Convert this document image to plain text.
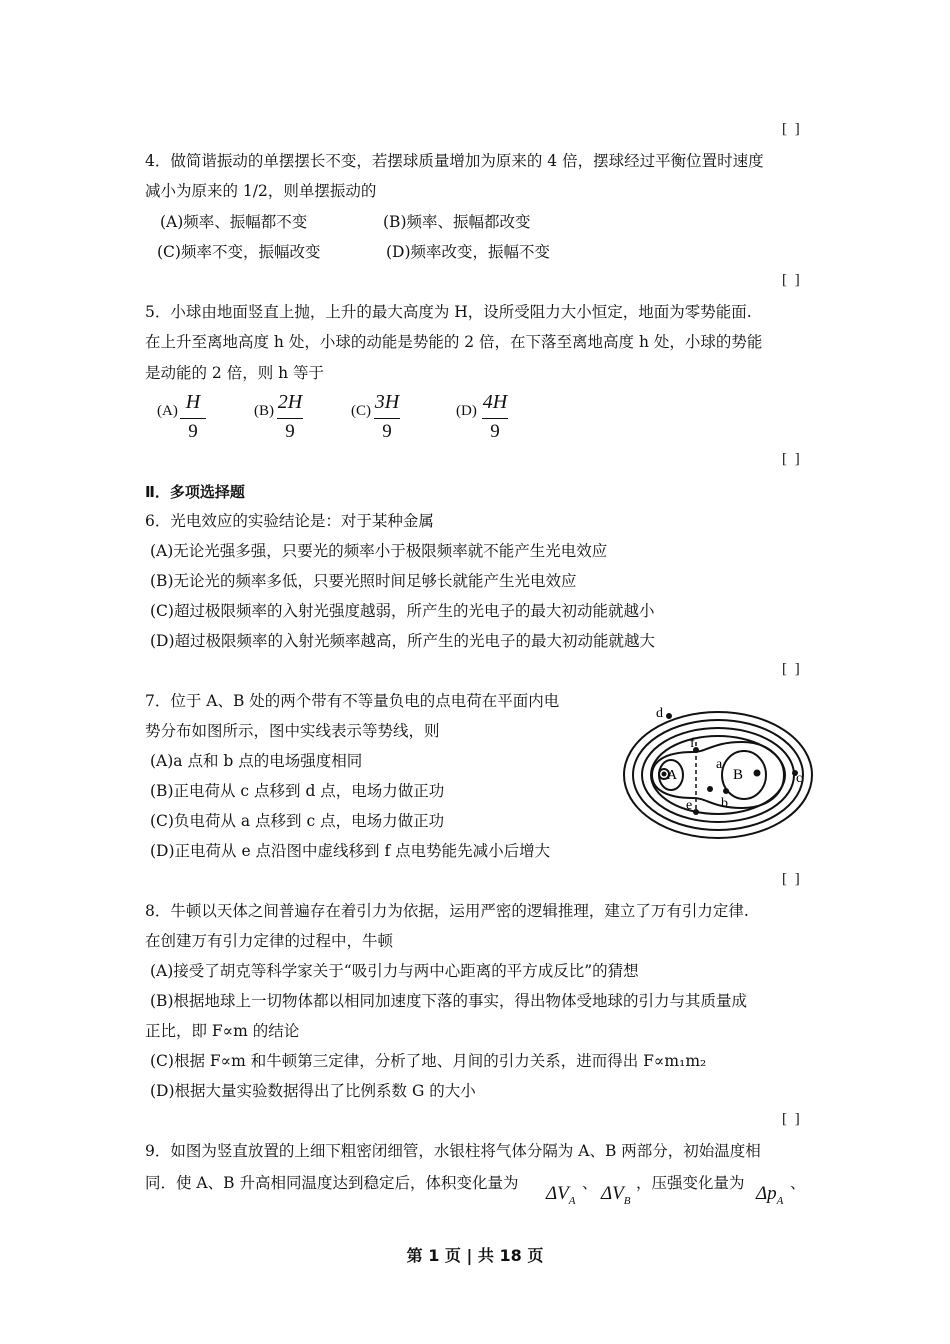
[ ]
4．做简谐振动的单摆摆长不变，若摆球质量增加为原来的 4 倍，摆球经过平衡位置时速度
减小为原来的 1/2，则单摆振动的
(A)频率、振幅都不变	(B)频率、振幅都改变
(C)频率不变，振幅改变	(D)频率改变，振幅不变
[ ]
5．小球由地面竖直上抛，上升的最大高度为 H，设所受阻力大小恒定，地面为零势能面.
在上升至离地高度 h 处，小球的动能是势能的 2 倍，在下落至离地高度 h 处，小球的势能
是动能的 2 倍，则 h 等于
(A) H
9
(B) 2H
9
(C) 3H
9
(D) 4H
9
[ ]
Ⅱ．多项选择题
6．光电效应的实验结论是：对于某种金属
(A)无论光强多强，只要光的频率小于极限频率就不能产生光电效应
(B)无论光的频率多低，只要光照时间足够长就能产生光电效应
(C)超过极限频率的入射光强度越弱，所产生的光电子的最大初动能就越小
(D)超过极限频率的入射光频率越高，所产生的光电子的最大初动能就越大
[ ]
7．位于 A、B 处的两个带有不等量负电的点电荷在平面内电
势分布如图所示，图中实线表示等势线，则
(A)a 点和 b 点的电场强度相同
(B)正电荷从 c 点移到 d 点，电场力做正功
(C)负电荷从 a 点移到 c 点，电场力做正功
(D)正电荷从 e 点沿图中虚线移到 f 点电势能先减小后增大
A	B
a
b
c
d
e
f
[ ]
8．牛顿以天体之间普遍存在着引力为依据，运用严密的逻辑推理，建立了万有引力定律.
在创建万有引力定律的过程中，牛顿
(A)接受了胡克等科学家关于“吸引力与两中心距离的平方成反比”的猜想
(B)根据地球上一切物体都以相同加速度下落的事实，得出物体受地球的引力与其质量成
正比，即 F∝m 的结论
(C)根据 F∝m 和牛顿第三定律，分析了地、月间的引力关系，进而得出 F∝m₁m₂
(D)根据大量实验数据得出了比例系数 G 的大小
[ ]
9．如图为竖直放置的上细下粗密闭细管，水银柱将气体分隔为 A、B 两部分，初始温度相
同．使 A、B 升高相同温度达到稳定后，体积变化量为 $\Delta V_A$
、 $\Delta V_B$
，压强变化量为 $\Delta p_A$
、
第 1 页 | 共 18 页
